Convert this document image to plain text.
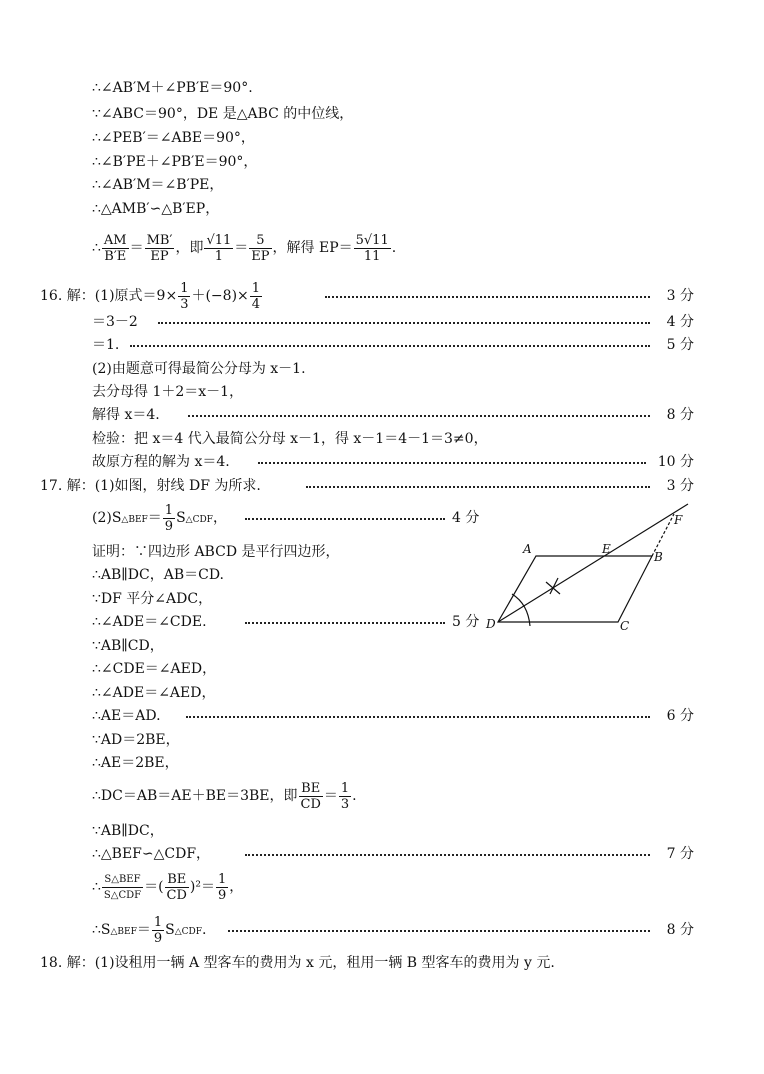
∴∠AB′M＋∠PB′E＝90°.
∵∠ABC＝90°，DE 是△ABC 的中位线，
∴∠PEB′＝∠ABE＝90°，
∴∠B′PE＋∠PB′E＝90°，
∴∠AB′M＝∠B′PE，
∴△AMB′∽△B′EP，
∴ $\frac{AM}{B'E} = \frac{MB'}{EP}$ ，即 $\frac{√11}{1} = \frac{5}{EP}$ ，解得 $EP= \frac{5√11}{11}$ .
16. 解：(1)原式$=9\times \frac{1}{3} +(-8)\times \frac{1}{4}$	3 分
＝3－2	4 分
＝1.	5 分
(2)由题意可得最简公分母为 x－1.
去分母得 1＋2＝x－1，
解得 x＝4.	8 分
检验：把 x＝4 代入最简公分母 x－1，得 x－1＝4－1＝3≠0，
故原方程的解为 x＝4.	10 分
17. 解：(1)如图，射线 DF 为所求.	3 分
(2)S△BEF＝ $\frac{1}{9}$ S△CDF，	4 分
证明：∵四边形 ABCD 是平行四边形，
∴AB∥DC，AB＝CD.
∵DF 平分∠ADC，
∴∠ADE＝∠CDE.	5 分
∵AB∥CD，
∴∠CDE＝∠AED，
∴∠ADE＝∠AED，
∴AE＝AD.	6 分
∵AD＝2BE，
∴AE＝2BE，
∴DC＝AB＝AE＋BE＝3BE，即 $\frac{BE}{CD} = \frac{1}{3}$ .
∵AB∥DC，
∴△BEF∽△CDF，	7 分
∴ $\frac{\text{S△BEF}}{\text{S△CDF}}$ ＝( $\frac{BE}{CD} )^2= \frac{1}{9}$ ，
∴S△BEF＝ $\frac{1}{9}$ S△CDF.	8 分
18. 解：(1)设租用一辆 A 型客车的费用为 x 元，租用一辆 B 型客车的费用为 y 元.
A	E
B
F
D	C
